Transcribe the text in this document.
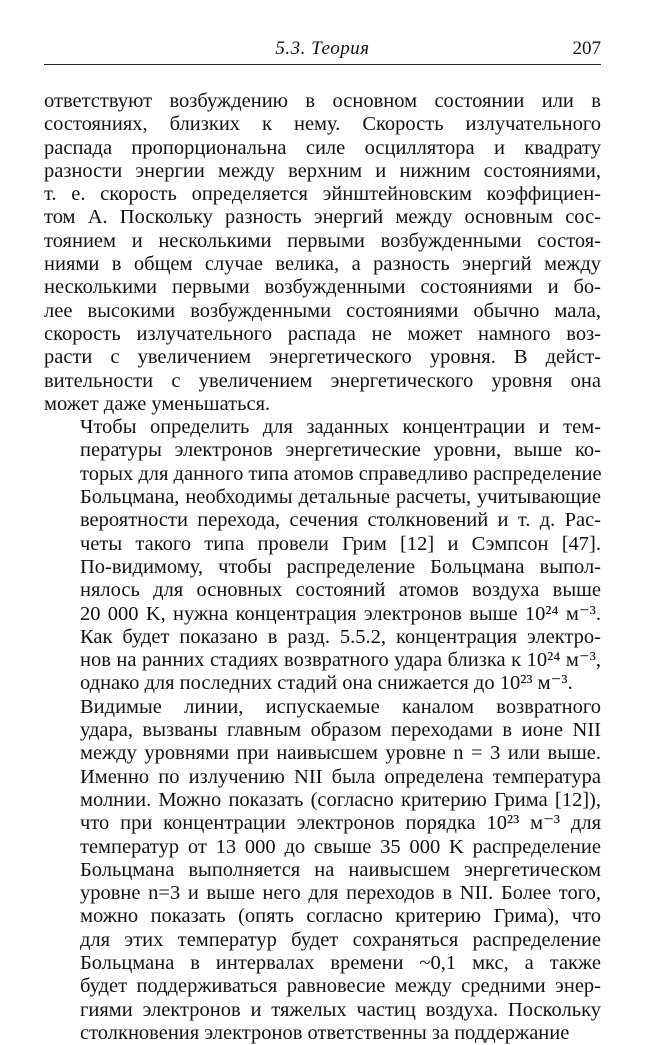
5.3. Теория	207

ответствуют возбуждению в основном состоянии или в
состояниях, близких к нему. Скорость излучательного
распада пропорциональна силе осциллятора и квадрату
разности энергии между верхним и нижним состояниями,
т. е. скорость определяется эйнштейновским коэффициен-
том A. Поскольку разность энергий между основным сос-
тоянием и несколькими первыми возбужденными состоя-
ниями в общем случае велика, а разность энергий между
несколькими первыми возбужденными состояниями и бо-
лее высокими возбужденными состояниями обычно мала,
скорость излучательного распада не может намного воз-
расти с увеличением энергетического уровня. В дейст-
вительности с увеличением энергетического уровня она
может даже уменьшаться.

Чтобы определить для заданных концентрации и тем-
пературы электронов энергетические уровни, выше ко-
торых для данного типа атомов справедливо распределение
Больцмана, необходимы детальные расчеты, учитывающие
вероятности перехода, сечения столкновений и т. д. Рас-
четы такого типа провели Грим [12] и Сэмпсон [47].
По-видимому, чтобы распределение Больцмана выпол-
нялось для основных состояний атомов воздуха выше
20 000 K, нужна концентрация электронов выше 10²⁴ м⁻³.
Как будет показано в разд. 5.5.2, концентрация электро-
нов на ранних стадиях возвратного удара близка к 10²⁴ м⁻³,
однако для последних стадий она снижается до 10²³ м⁻³.

Видимые линии, испускаемые каналом возвратного
удара, вызваны главным образом переходами в ионе NII
между уровнями при наивысшем уровне n = 3 или выше.
Именно по излучению NII была определена температура
молнии. Можно показать (согласно критерию Грима [12]),
что при концентрации электронов порядка 10²³ м⁻³ для
температур от 13 000 до свыше 35 000 K распределение
Больцмана выполняется на наивысшем энергетическом
уровне n=3 и выше него для переходов в NII. Более того,
можно показать (опять согласно критерию Грима), что
для этих температур будет сохраняться распределение
Больцмана в интервалах времени ~0,1 мкс, а также
будет поддерживаться равновесие между средними энер-
гиями электронов и тяжелых частиц воздуха. Поскольку
столкновения электронов ответственны за поддержание
